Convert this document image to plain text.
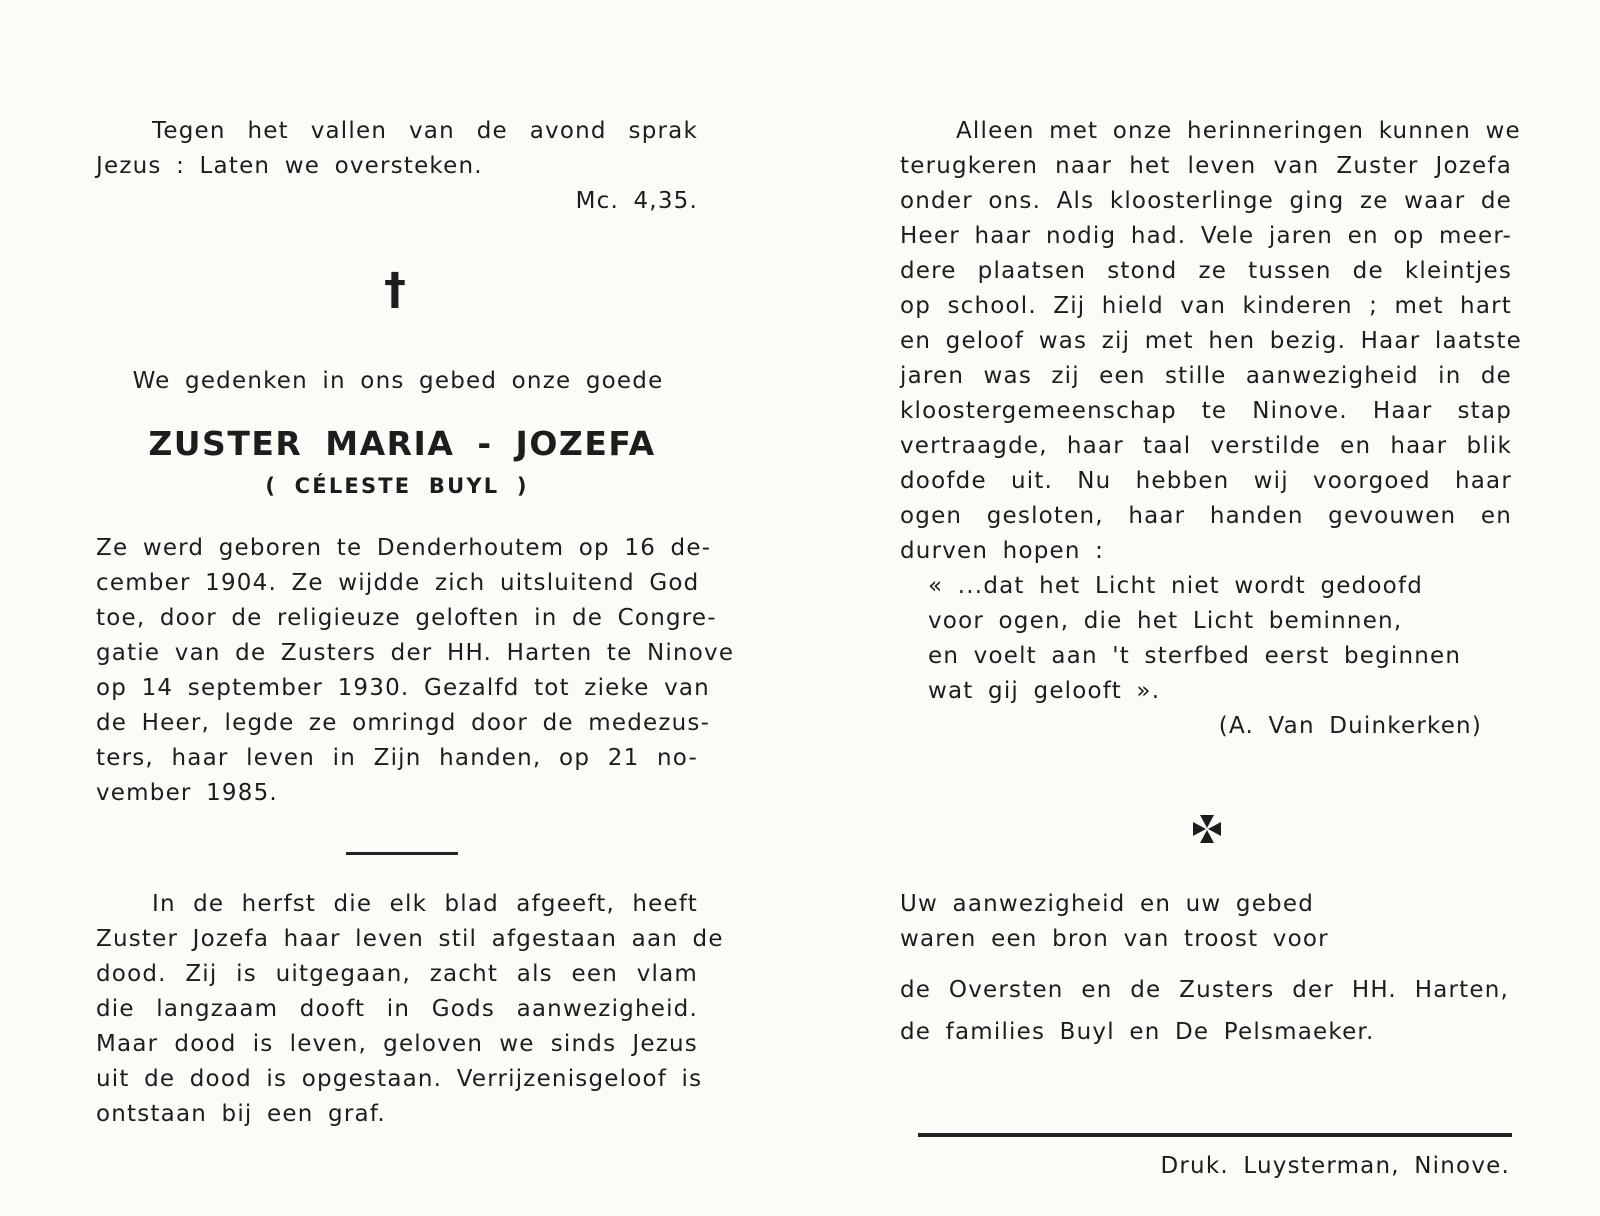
Tegen het vallen van de avond sprak
Jezus : Laten we oversteken.
Mc. 4,35.
†
We gedenken in ons gebed onze goede
ZUSTER MARIA - JOZEFA
( CÉLESTE BUYL )
Ze werd geboren te Denderhoutem op 16 de-
cember 1904. Ze wijdde zich uitsluitend God
toe, door de religieuze geloften in de Congre-
gatie van de Zusters der HH. Harten te Ninove
op 14 september 1930. Gezalfd tot zieke van
de Heer, legde ze omringd door de medezus-
ters, haar leven in Zijn handen, op 21 no-
vember 1985.
In de herfst die elk blad afgeeft, heeft
Zuster Jozefa haar leven stil afgestaan aan de
dood. Zij is uitgegaan, zacht als een vlam
die langzaam dooft in Gods aanwezigheid.
Maar dood is leven, geloven we sinds Jezus
uit de dood is opgestaan. Verrijzenisgeloof is
ontstaan bij een graf.
Alleen met onze herinneringen kunnen we
terugkeren naar het leven van Zuster Jozefa
onder ons. Als kloosterlinge ging ze waar de
Heer haar nodig had. Vele jaren en op meer-
dere plaatsen stond ze tussen de kleintjes
op school. Zij hield van kinderen ; met hart
en geloof was zij met hen bezig. Haar laatste
jaren was zij een stille aanwezigheid in de
kloostergemeenschap te Ninove. Haar stap
vertraagde, haar taal verstilde en haar blik
doofde uit. Nu hebben wij voorgoed haar
ogen gesloten, haar handen gevouwen en
durven hopen :
« ...dat het Licht niet wordt gedoofd
voor ogen, die het Licht beminnen,
en voelt aan 't sterfbed eerst beginnen
wat gij gelooft ».
(A. Van Duinkerken)
Uw aanwezigheid en uw gebed
waren een bron van troost voor
de Oversten en de Zusters der HH. Harten,
de families Buyl en De Pelsmaeker.
Druk. Luysterman, Ninove.
